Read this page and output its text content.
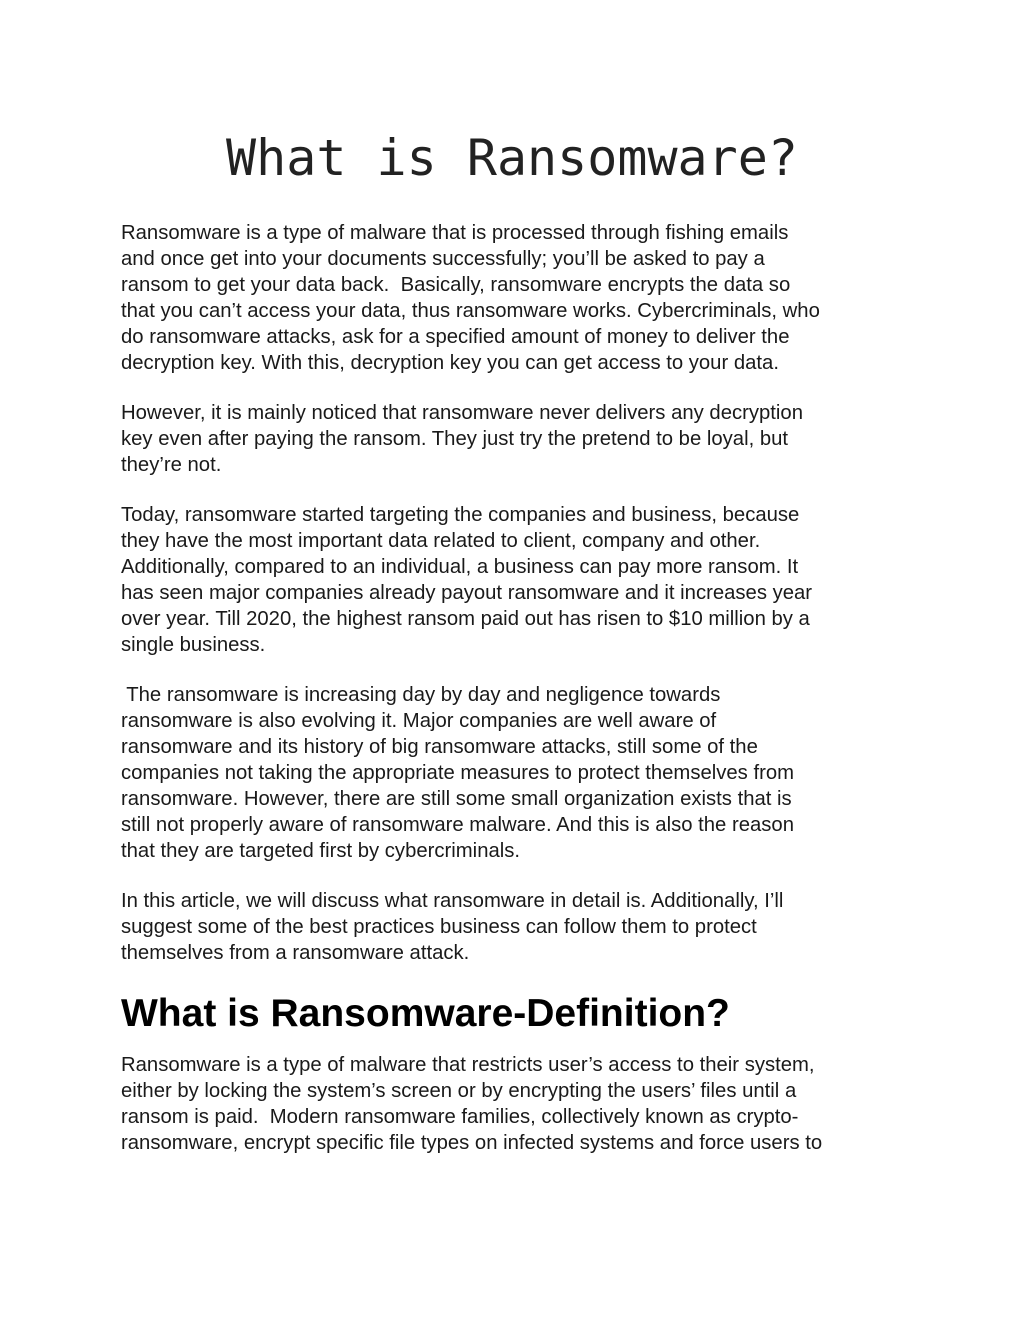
What is Ransomware?

Ransomware is a type of malware that is processed through fishing emails
and once get into your documents successfully; you’ll be asked to pay a
ransom to get your data back.  Basically, ransomware encrypts the data so
that you can’t access your data, thus ransomware works. Cybercriminals, who
do ransomware attacks, ask for a specified amount of money to deliver the
decryption key. With this, decryption key you can get access to your data.

However, it is mainly noticed that ransomware never delivers any decryption
key even after paying the ransom. They just try the pretend to be loyal, but
they’re not.

Today, ransomware started targeting the companies and business, because
they have the most important data related to client, company and other.
Additionally, compared to an individual, a business can pay more ransom. It
has seen major companies already payout ransomware and it increases year
over year. Till 2020, the highest ransom paid out has risen to $10 million by a
single business.

The ransomware is increasing day by day and negligence towards
ransomware is also evolving it. Major companies are well aware of
ransomware and its history of big ransomware attacks, still some of the
companies not taking the appropriate measures to protect themselves from
ransomware. However, there are still some small organization exists that is
still not properly aware of ransomware malware. And this is also the reason
that they are targeted first by cybercriminals.

In this article, we will discuss what ransomware in detail is. Additionally, I’ll
suggest some of the best practices business can follow them to protect
themselves from a ransomware attack.

What is Ransomware-Definition?

Ransomware is a type of malware that restricts user’s access to their system,
either by locking the system’s screen or by encrypting the users’ files until a
ransom is paid.  Modern ransomware families, collectively known as crypto-
ransomware, encrypt specific file types on infected systems and force users to
